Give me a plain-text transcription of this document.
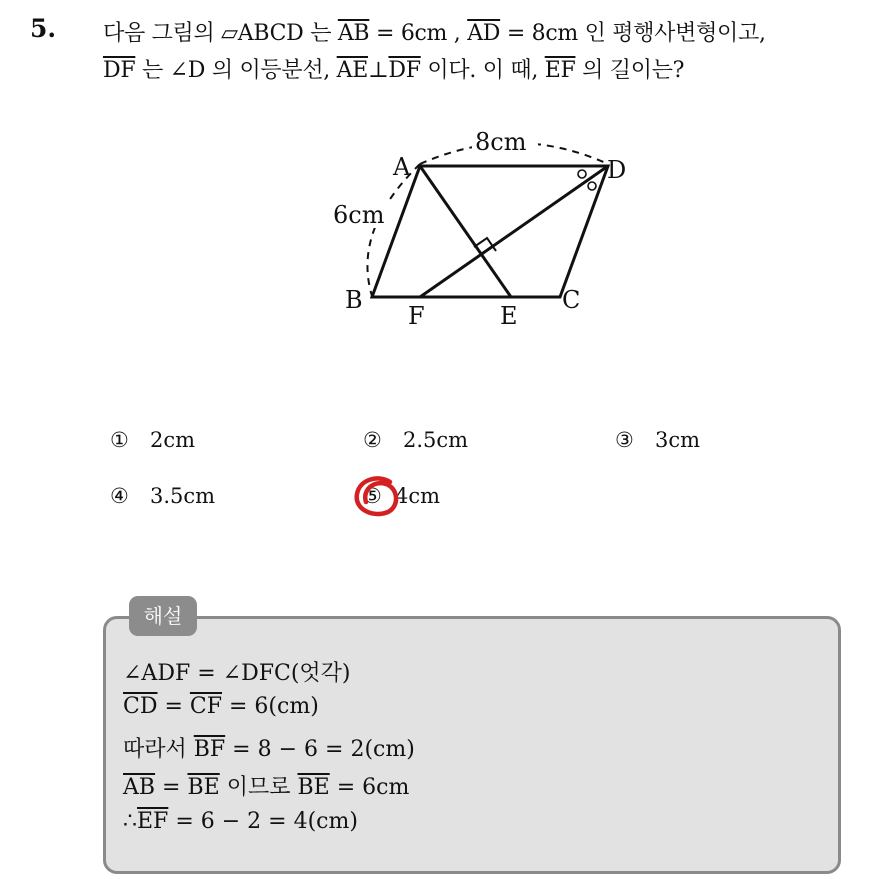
5. 다음 그림의 ▱ABCD 는 $\overline{AB} = 6cm$ , $\overline{AD} = 8cm$ 인 평행사변형이고,
$\overline{DF}$ 는 ∠D 의 이등분선, $\overline{AE}\perp\overline{DF}$ 이다. 이 때, $\overline{EF}$ 의 길이는?
8cm
6cm
A	D
B	C
F	E
① 2cm	② 2.5cm	③ 3cm
④ 3.5cm	⑤ 4cm
해설
∠ADF = ∠DFC(엇각)
$\overline{CD} = \overline{CF} = 6(cm)$
따라서 $\overline{BF} = 8 - 6 = 2(cm)$
$\overline{AB} = \overline{BE}$ 이므로 $\overline{BE} = 6cm$
$\therefore\overline{EF} = 6 - 2 = 4(cm)$
